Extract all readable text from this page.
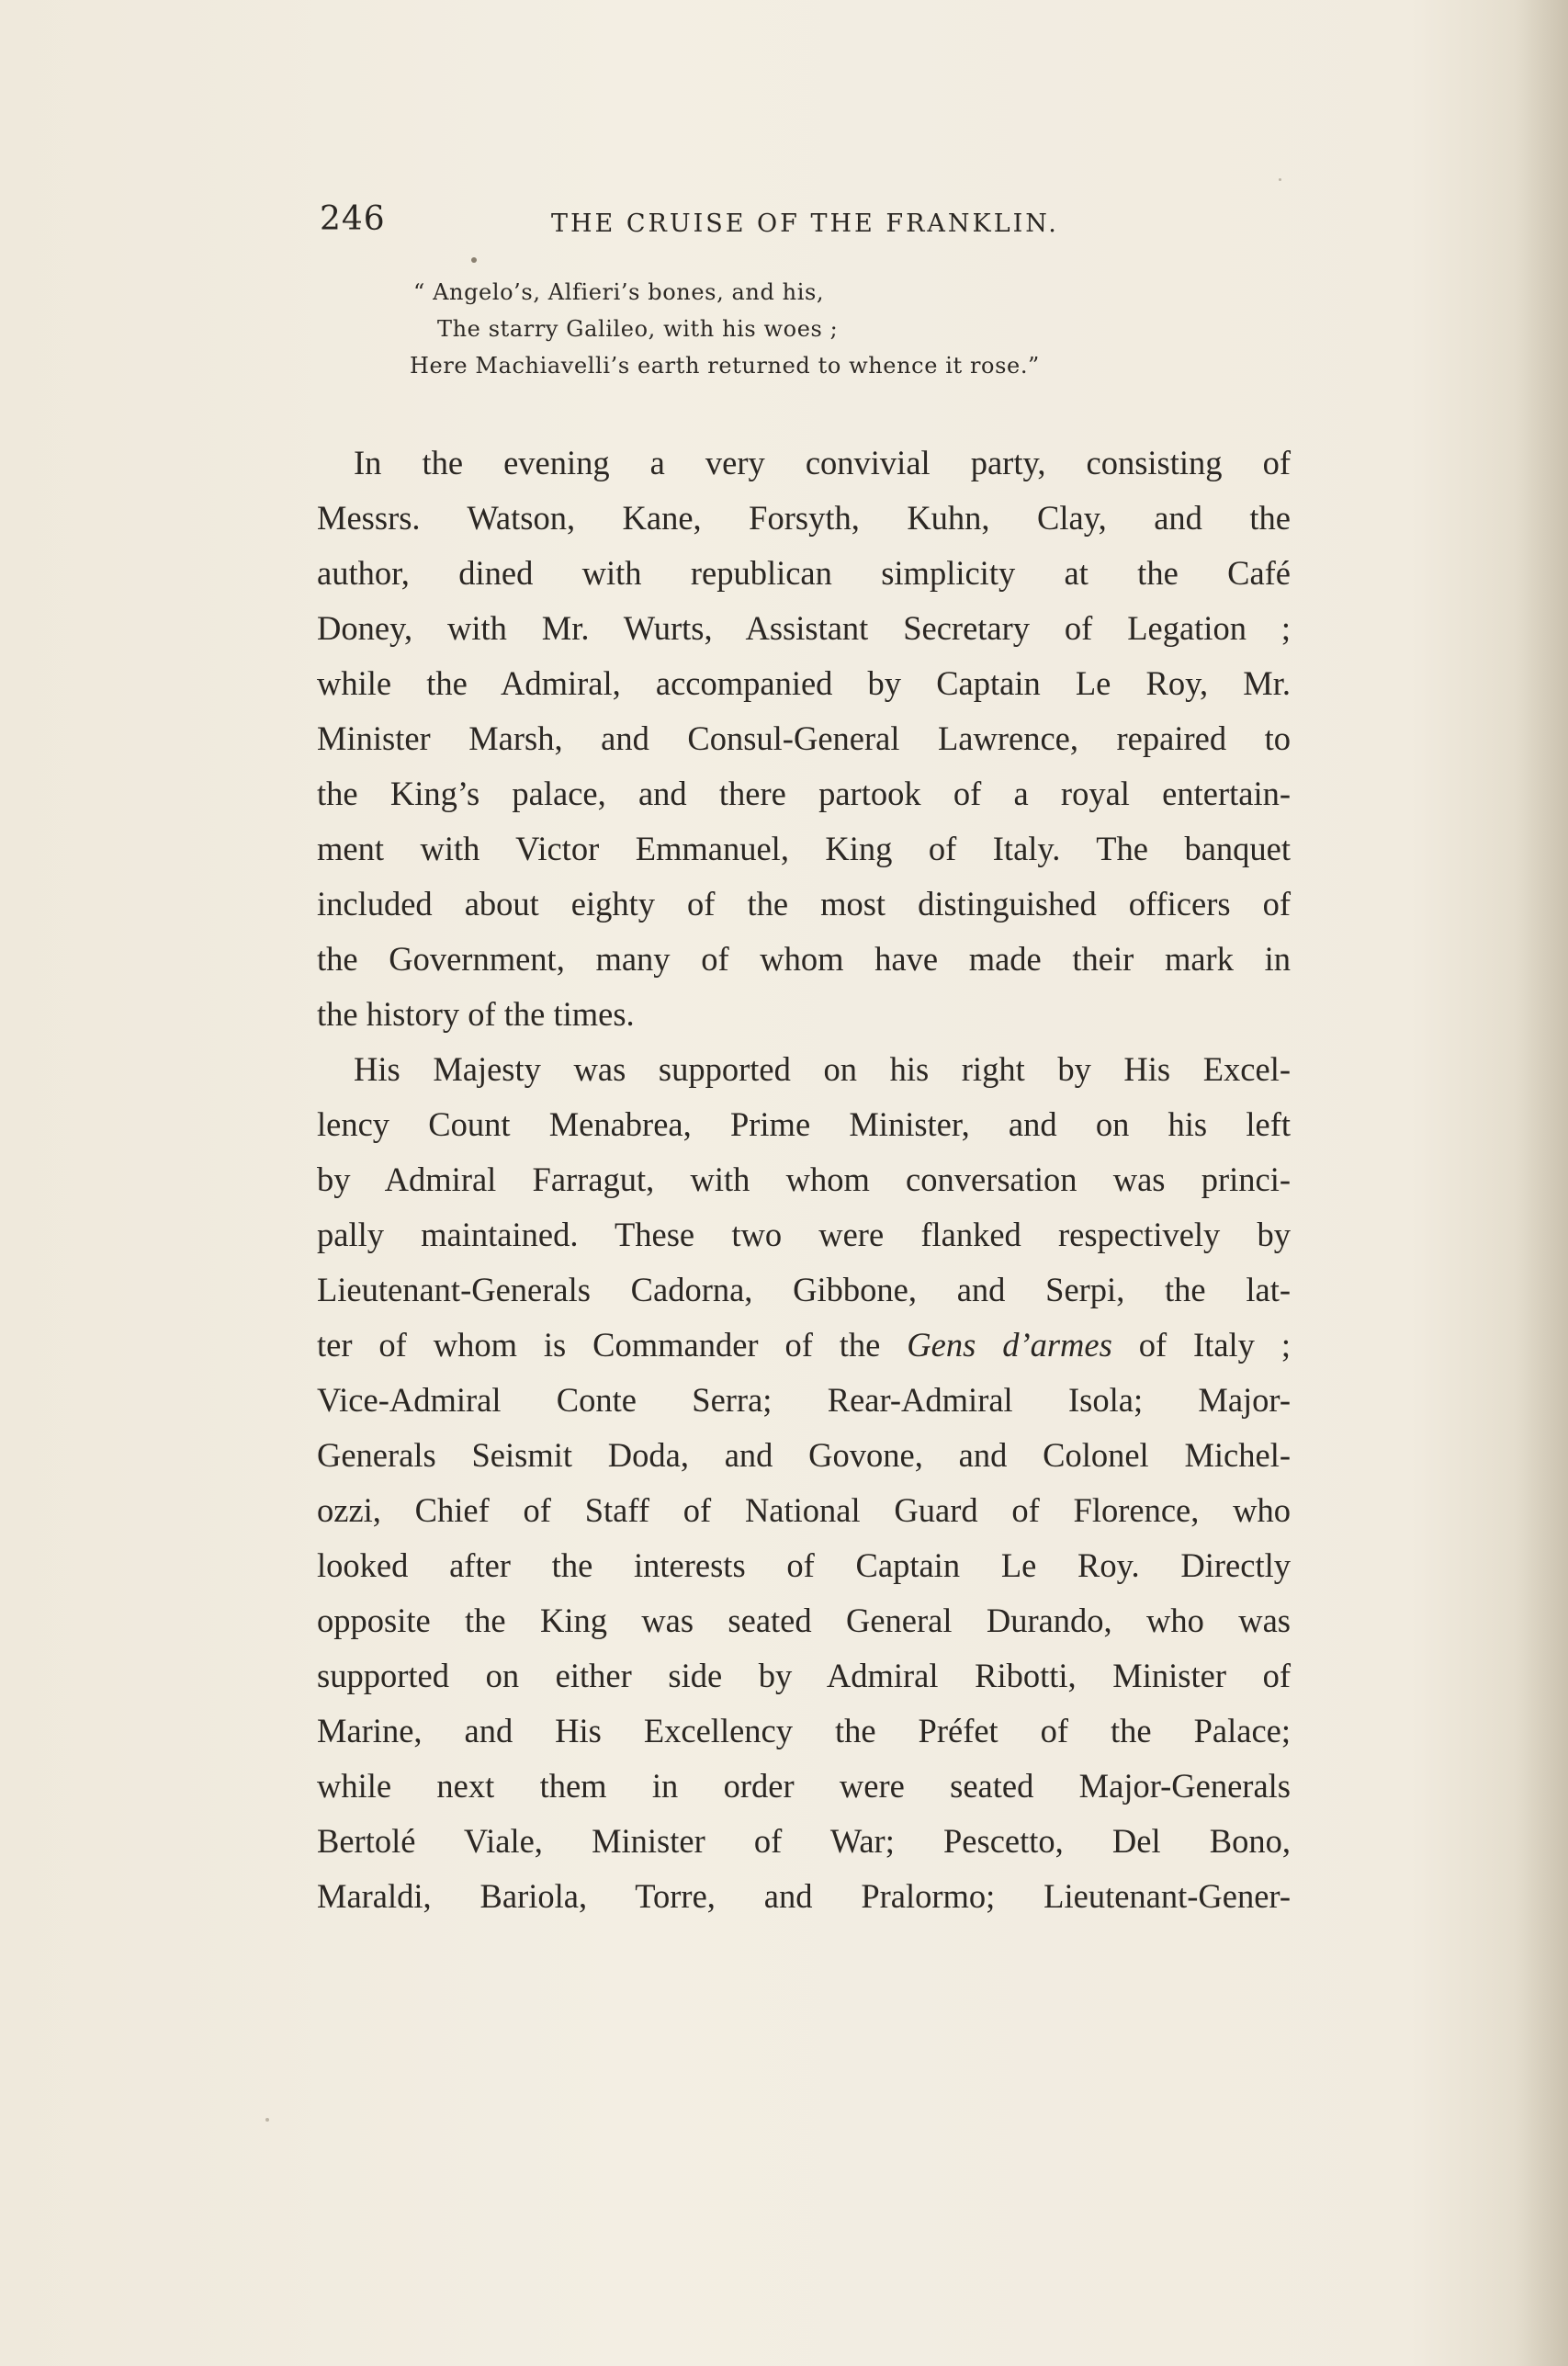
246	THE CRUISE OF THE FRANKLIN.
“ Angelo’s, Alfieri’s bones, and his,
The starry Galileo, with his woes ;
Here Machiavelli’s earth returned to whence it rose.”
In the evening a very convivial party, consisting of
Messrs. Watson, Kane, Forsyth, Kuhn, Clay, and the
author, dined with republican simplicity at the Café
Doney, with Mr. Wurts, Assistant Secretary of Legation ;
while the Admiral, accompanied by Captain Le Roy, Mr.
Minister Marsh, and Consul-General Lawrence, repaired to
the King’s palace, and there partook of a royal entertain-
ment with Victor Emmanuel, King of Italy. The banquet
included about eighty of the most distinguished officers of
the Government, many of whom have made their mark in
the history of the times.
His Majesty was supported on his right by His Excel-
lency Count Menabrea, Prime Minister, and on his left
by Admiral Farragut, with whom conversation was princi-
pally maintained. These two were flanked respectively by
Lieutenant-Generals Cadorna, Gibbone, and Serpi, the lat-
ter of whom is Commander of the Gens d’armes of Italy ;
Vice-Admiral Conte Serra; Rear-Admiral Isola; Major-
Generals Seismit Doda, and Govone, and Colonel Michel-
ozzi, Chief of Staff of National Guard of Florence, who
looked after the interests of Captain Le Roy. Directly
opposite the King was seated General Durando, who was
supported on either side by Admiral Ribotti, Minister of
Marine, and His Excellency the Préfet of the Palace;
while next them in order were seated Major-Generals
Bertolé Viale, Minister of War; Pescetto, Del Bono,
Maraldi, Bariola, Torre, and Pralormo; Lieutenant-Gener-
